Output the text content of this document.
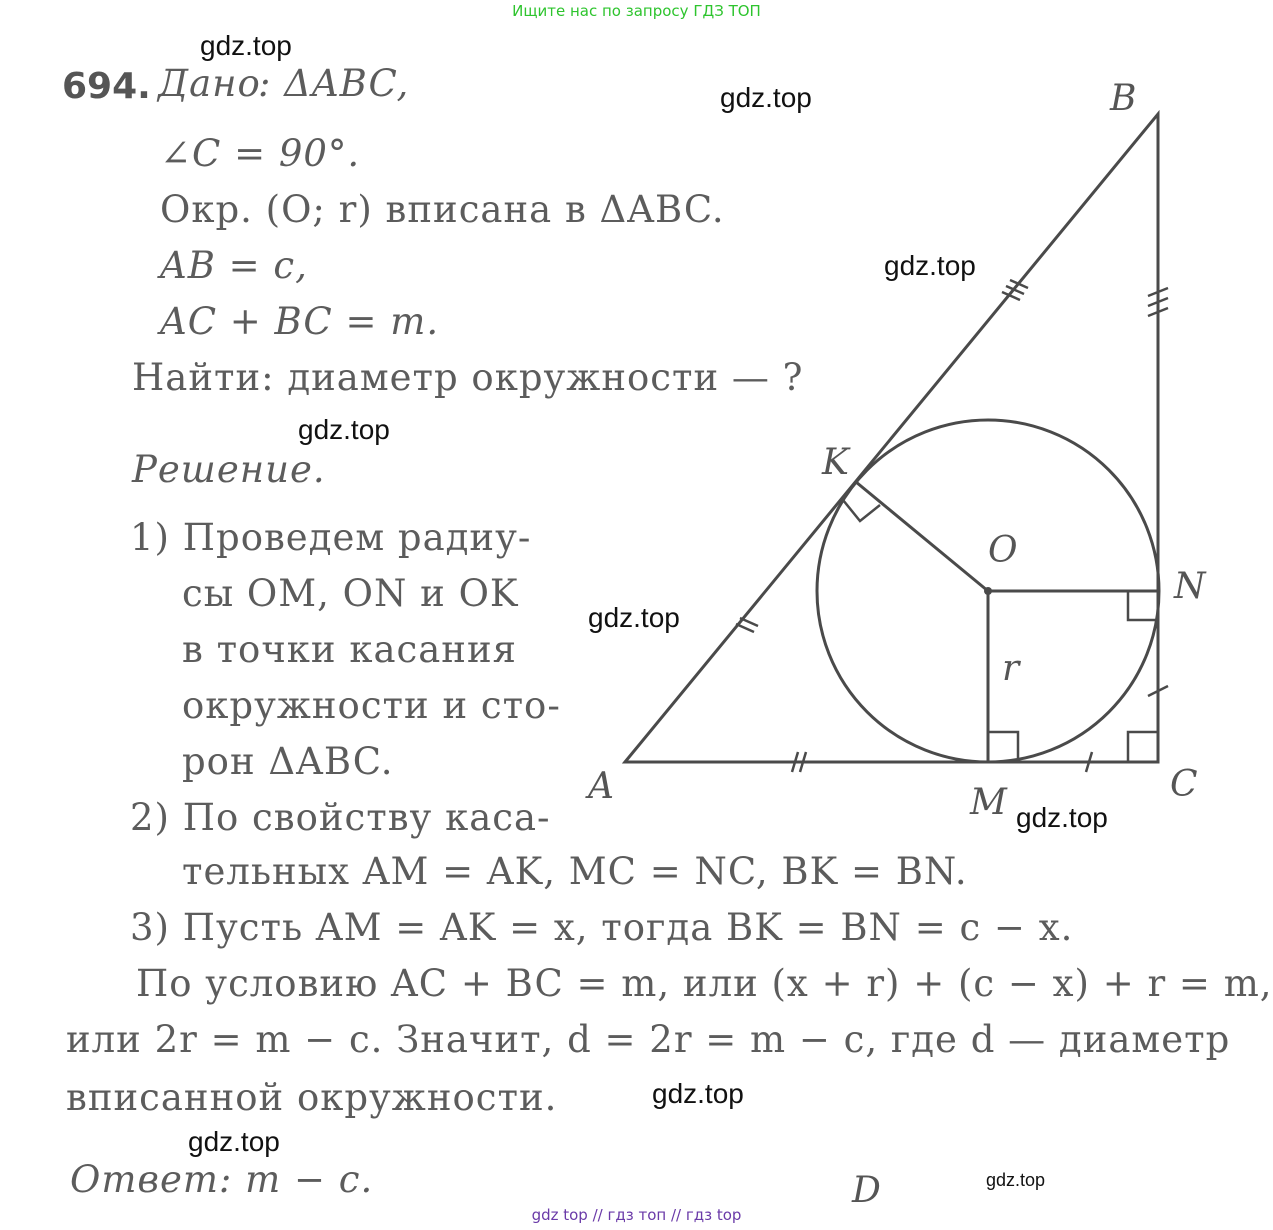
Ищите нас по запросу ГДЗ ТОП
694. Дано
: ΔABC,
∠C = 90°.
Окр. (O; r) вписана в ΔABC.
AB = c,
AC + BC = m.
Найти: диаметр окружности — ?
Решение.
1) Проведем радиу-
сы OM, ON и OK
в точки касания
окружности и сто-
рон ΔABC.
2) По свойству каса-
тельных AM = AK, MC = NC, BK = BN.
3) Пусть AM = AK = x, тогда BK = BN = c − x.
По условию AC + BC = m, или (x + r) + (c − x) + r = m,
или 2r = m − c. Значит, d = 2r = m − c, где d — диаметр
вписанной окружности.
Ответ: m − c.
B
A	C
K
M
N
O
r
D
gdz.top
gdz.top
gdz.top
gdz.top
gdz.top
gdz.top
gdz.top
gdz.top
gdz.top
gdz top // гдз топ // гдз top
